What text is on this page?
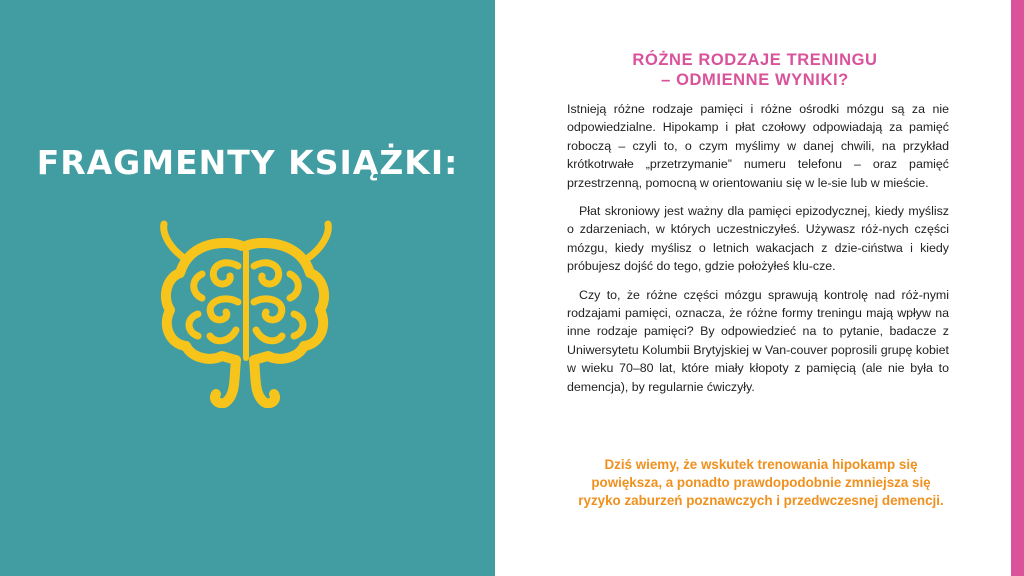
FRAGMENTY KSIĄŻKI:
RÓŻNE RODZAJE TRENINGU
– ODMIENNE WYNIKI?

Istnieją różne rodzaje pamięci i różne ośrodki mózgu są za nie odpowiedzialne. Hipokamp i płat czołowy odpowiadają za pamięć roboczą – czyli to, o czym myślimy w danej chwili, na przykład krótkotrwałe „przetrzymanie” numeru telefonu – oraz pamięć przestrzenną, pomocną w orientowaniu się w le-sie lub w mieście.

Płat skroniowy jest ważny dla pamięci epizodycznej, kiedy myślisz o zdarzeniach, w których uczestniczyłeś. Używasz róż-nych części mózgu, kiedy myślisz o letnich wakacjach z dzie-ciństwa i kiedy próbujesz dojść do tego, gdzie położyłeś klu-cze.

Czy to, że różne części mózgu sprawują kontrolę nad róż-nymi rodzajami pamięci, oznacza, że różne formy treningu mają wpływ na inne rodzaje pamięci? By odpowiedzieć na to pytanie, badacze z Uniwersytetu Kolumbii Brytyjskiej w Van-couver poprosili grupę kobiet w wieku 70–80 lat, które miały kłopoty z pamięcią (ale nie była to demencja), by regularnie ćwiczyły.

Dziś wiemy, że wskutek trenowania hipokamp się powiększa, a ponadto prawdopodobnie zmniejsza się ryzyko zaburzeń poznawczych i przedwczesnej demencji.
